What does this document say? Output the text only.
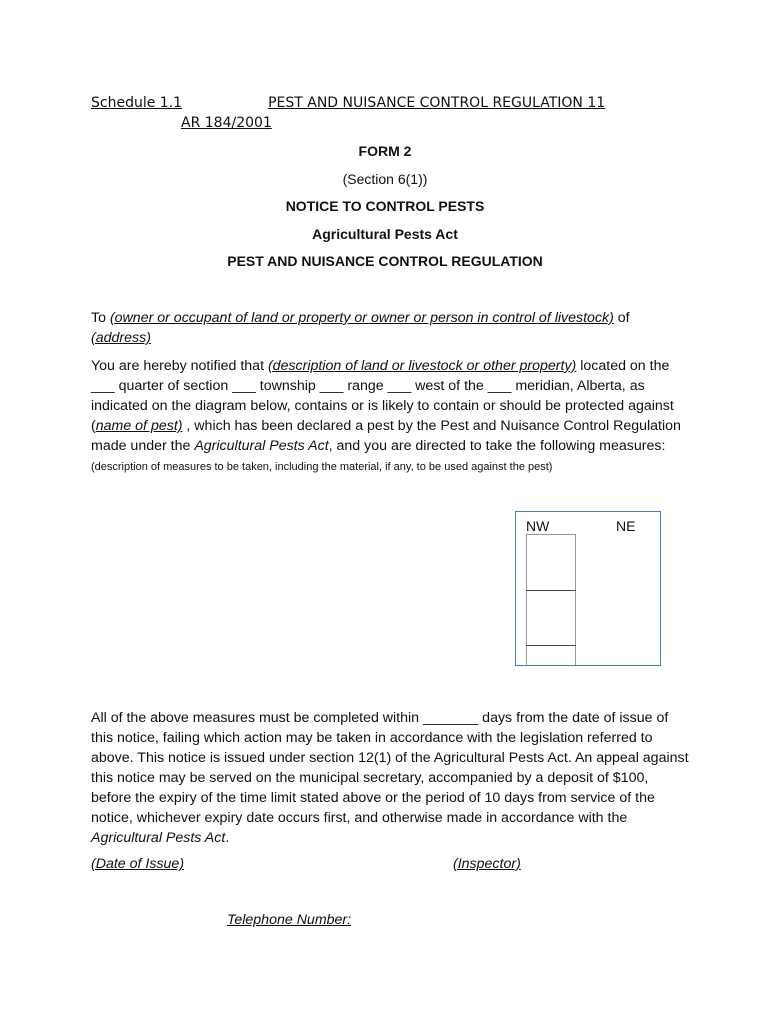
Schedule 1.1	PEST AND NUISANCE CONTROL REGULATION 11
AR 184/2001
FORM 2
(Section 6(1))
NOTICE TO CONTROL PESTS
Agricultural Pests Act
PEST AND NUISANCE CONTROL REGULATION
To (owner or occupant of land or property or owner or person in control of livestock) of
(address)
You are hereby notified that (description of land or livestock or other property) located on the ___ quarter of section ___ township ___ range ___ west of the ___ meridian, Alberta, as indicated on the diagram below, contains or is likely to contain or should be protected against (name of pest) , which has been declared a pest by the Pest and Nuisance Control Regulation made under the Agricultural Pests Act, and you are directed to take the following measures: (description of measures to be taken, including the material, if any, to be used against the pest)
NW	NE
All of the above measures must be completed within _______ days from the date of issue of this notice, failing which action may be taken in accordance with the legislation referred to above. This notice is issued under section 12(1) of the Agricultural Pests Act. An appeal against this notice may be served on the municipal secretary, accompanied by a deposit of $100, before the expiry of the time limit stated above or the period of 10 days from service of the notice, whichever expiry date occurs first, and otherwise made in accordance with the Agricultural Pests Act.
(Date of Issue)	(Inspector)
Telephone Number:
